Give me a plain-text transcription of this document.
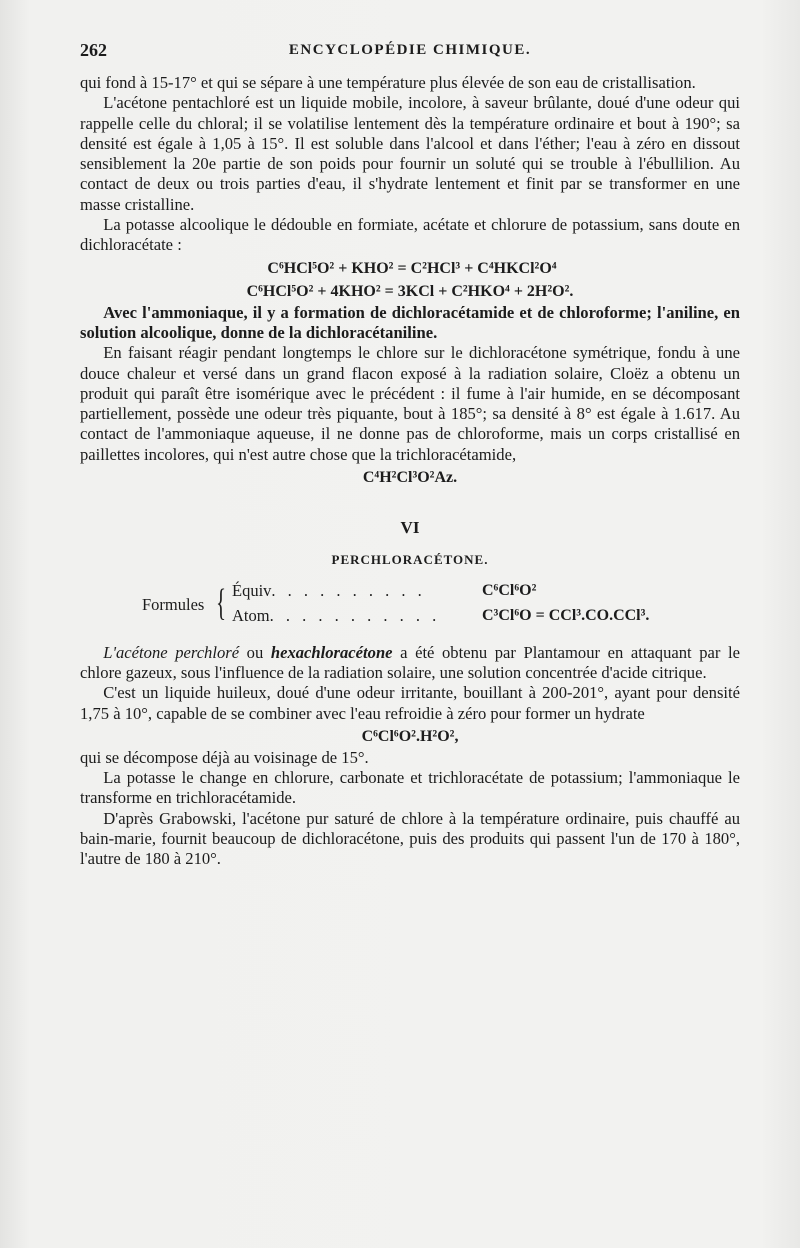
262	ENCYCLOPÉDIE CHIMIQUE.

qui fond à 15-17° et qui se sépare à une température plus élevée de son eau de cristallisation.

L'acétone pentachloré est un liquide mobile, incolore, à saveur brûlante, doué d'une odeur qui rappelle celle du chloral; il se volatilise lentement dès la température ordinaire et bout à 190°; sa densité est égale à 1,05 à 15°. Il est soluble dans l'alcool et dans l'éther; l'eau à zéro en dissout sensiblement la 20e partie de son poids pour fournir un soluté qui se trouble à l'ébullilion. Au contact de deux ou trois parties d'eau, il s'hydrate lentement et finit par se transformer en une masse cristalline.

La potasse alcoolique le dédouble en formiate, acétate et chlorure de potassium, sans doute en dichloracétate :

C⁶HCl⁵O² + KHO² = C²HCl³ + C⁴HKCl²O⁴
C⁶HCl⁵O² + 4KHO² = 3KCl + C²HKO⁴ + 2H²O².

Avec l'ammoniaque, il y a formation de dichloracétamide et de chloroforme; l'aniline, en solution alcoolique, donne de la dichloracétaniline.

En faisant réagir pendant longtemps le chlore sur le dichloracétone symétrique, fondu à une douce chaleur et versé dans un grand flacon exposé à la radiation solaire, Cloëz a obtenu un produit qui paraît être isomérique avec le précédent : il fume à l'air humide, en se décomposant partiellement, possède une odeur très piquante, bout à 185°; sa densité à 8° est égale à 1.617. Au contact de l'ammoniaque aqueuse, il ne donne pas de chloroforme, mais un corps cristallisé en paillettes incolores, qui n'est autre chose que la trichloracétamide,

C⁴H²Cl³O²Az.
VI
PERCHLORACÉTONE.
Formules { Équiv. . . . . . . . . .
Atom. . . . . . . . . . .
C⁶Cl⁶O²
C³Cl⁶O = CCl³.CO.CCl³.

L'acétone perchloré ou hexachloracétone a été obtenu par Plantamour en attaquant par le chlore gazeux, sous l'influence de la radiation solaire, une solution concentrée d'acide citrique.

C'est un liquide huileux, doué d'une odeur irritante, bouillant à 200-201°, ayant pour densité 1,75 à 10°, capable de se combiner avec l'eau refroidie à zéro pour former un hydrate

C⁶Cl⁶O².H²O²,

qui se décompose déjà au voisinage de 15°.

La potasse le change en chlorure, carbonate et trichloracétate de potassium; l'ammoniaque le transforme en trichloracétamide.

D'après Grabowski, l'acétone pur saturé de chlore à la température ordinaire, puis chauffé au bain-marie, fournit beaucoup de dichloracétone, puis des produits qui passent l'un de 170 à 180°, l'autre de 180 à 210°.
